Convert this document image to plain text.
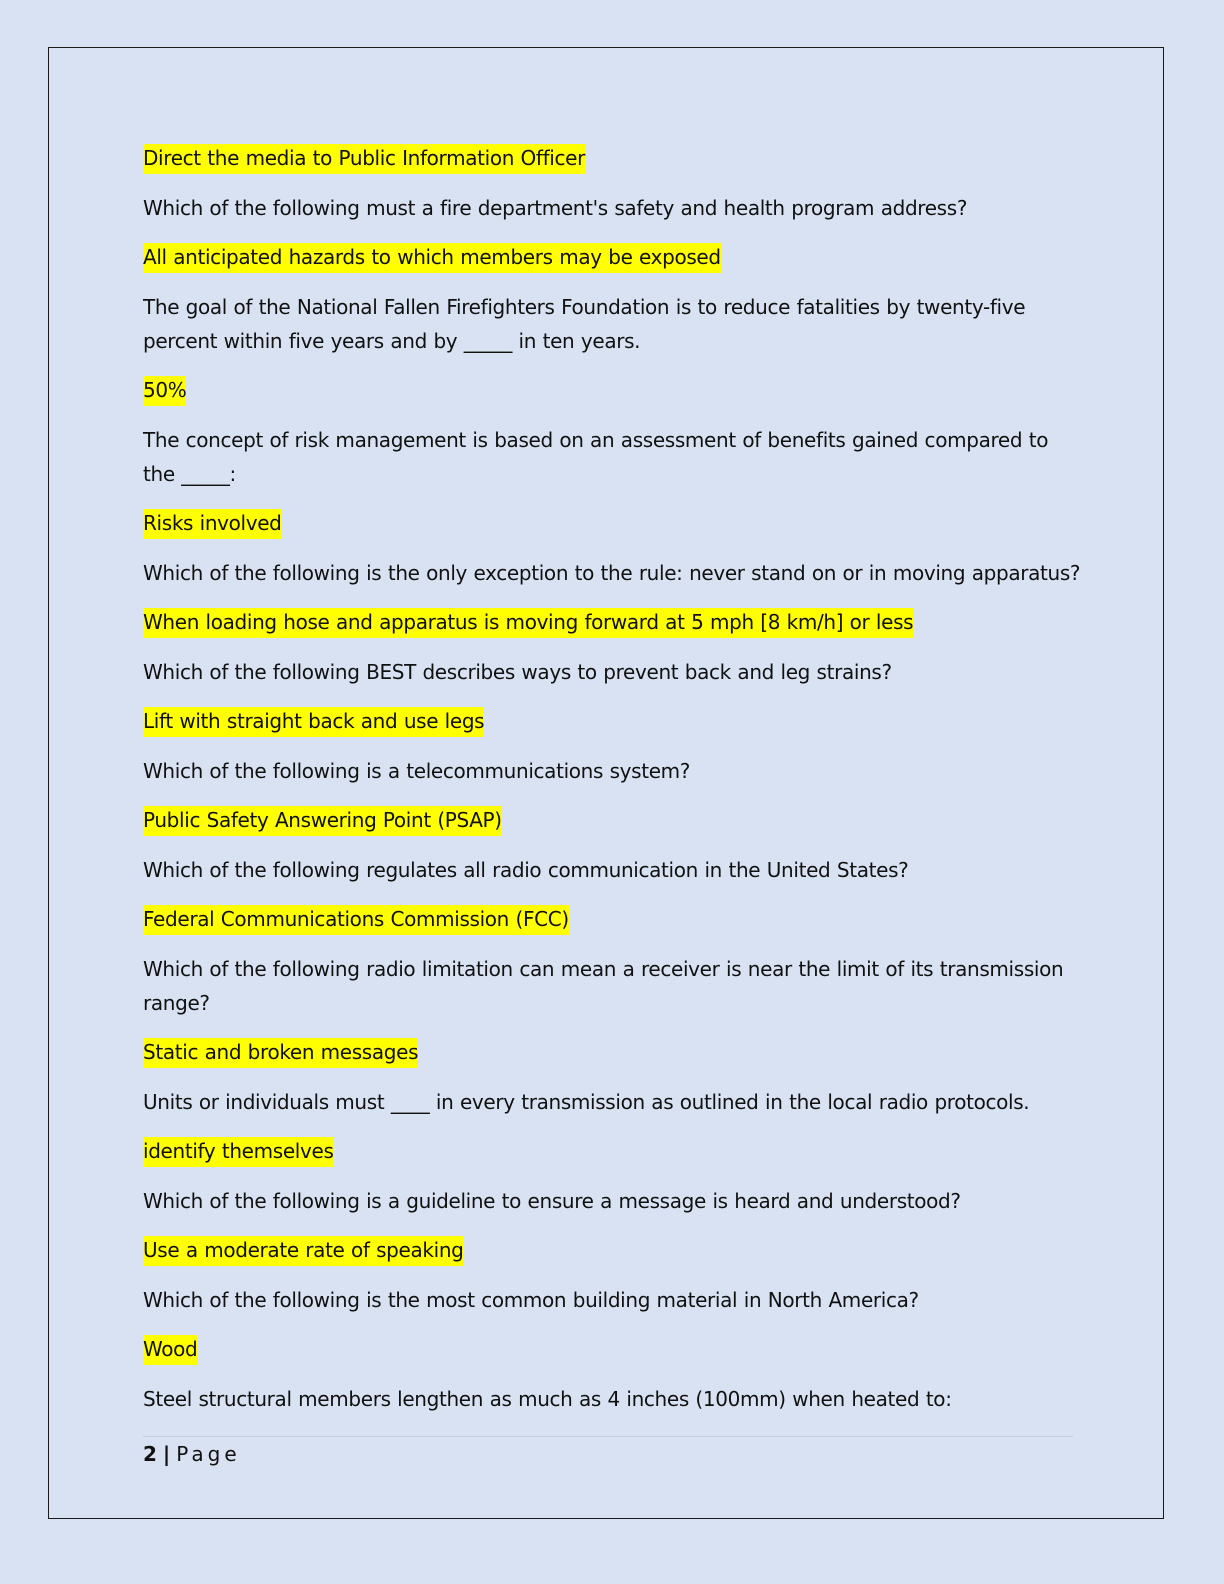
Direct the media to Public Information Officer

Which of the following must a fire department's safety and health program address?

All anticipated hazards to which members may be exposed

The goal of the National Fallen Firefighters Foundation is to reduce fatalities by twenty-five percent within five years and by _____ in ten years.

50%

The concept of risk management is based on an assessment of benefits gained compared to the _____:

Risks involved

Which of the following is the only exception to the rule: never stand on or in moving apparatus?

When loading hose and apparatus is moving forward at 5 mph [8 km/h] or less

Which of the following BEST describes ways to prevent back and leg strains?

Lift with straight back and use legs

Which of the following is a telecommunications system?

Public Safety Answering Point (PSAP)

Which of the following regulates all radio communication in the United States?

Federal Communications Commission (FCC)

Which of the following radio limitation can mean a receiver is near the limit of its transmission range?

Static and broken messages

Units or individuals must ____ in every transmission as outlined in the local radio protocols.

identify themselves

Which of the following is a guideline to ensure a message is heard and understood?

Use a moderate rate of speaking

Which of the following is the most common building material in North America?

Wood

Steel structural members lengthen as much as 4 inches (100mm) when heated to:

2 | Page
